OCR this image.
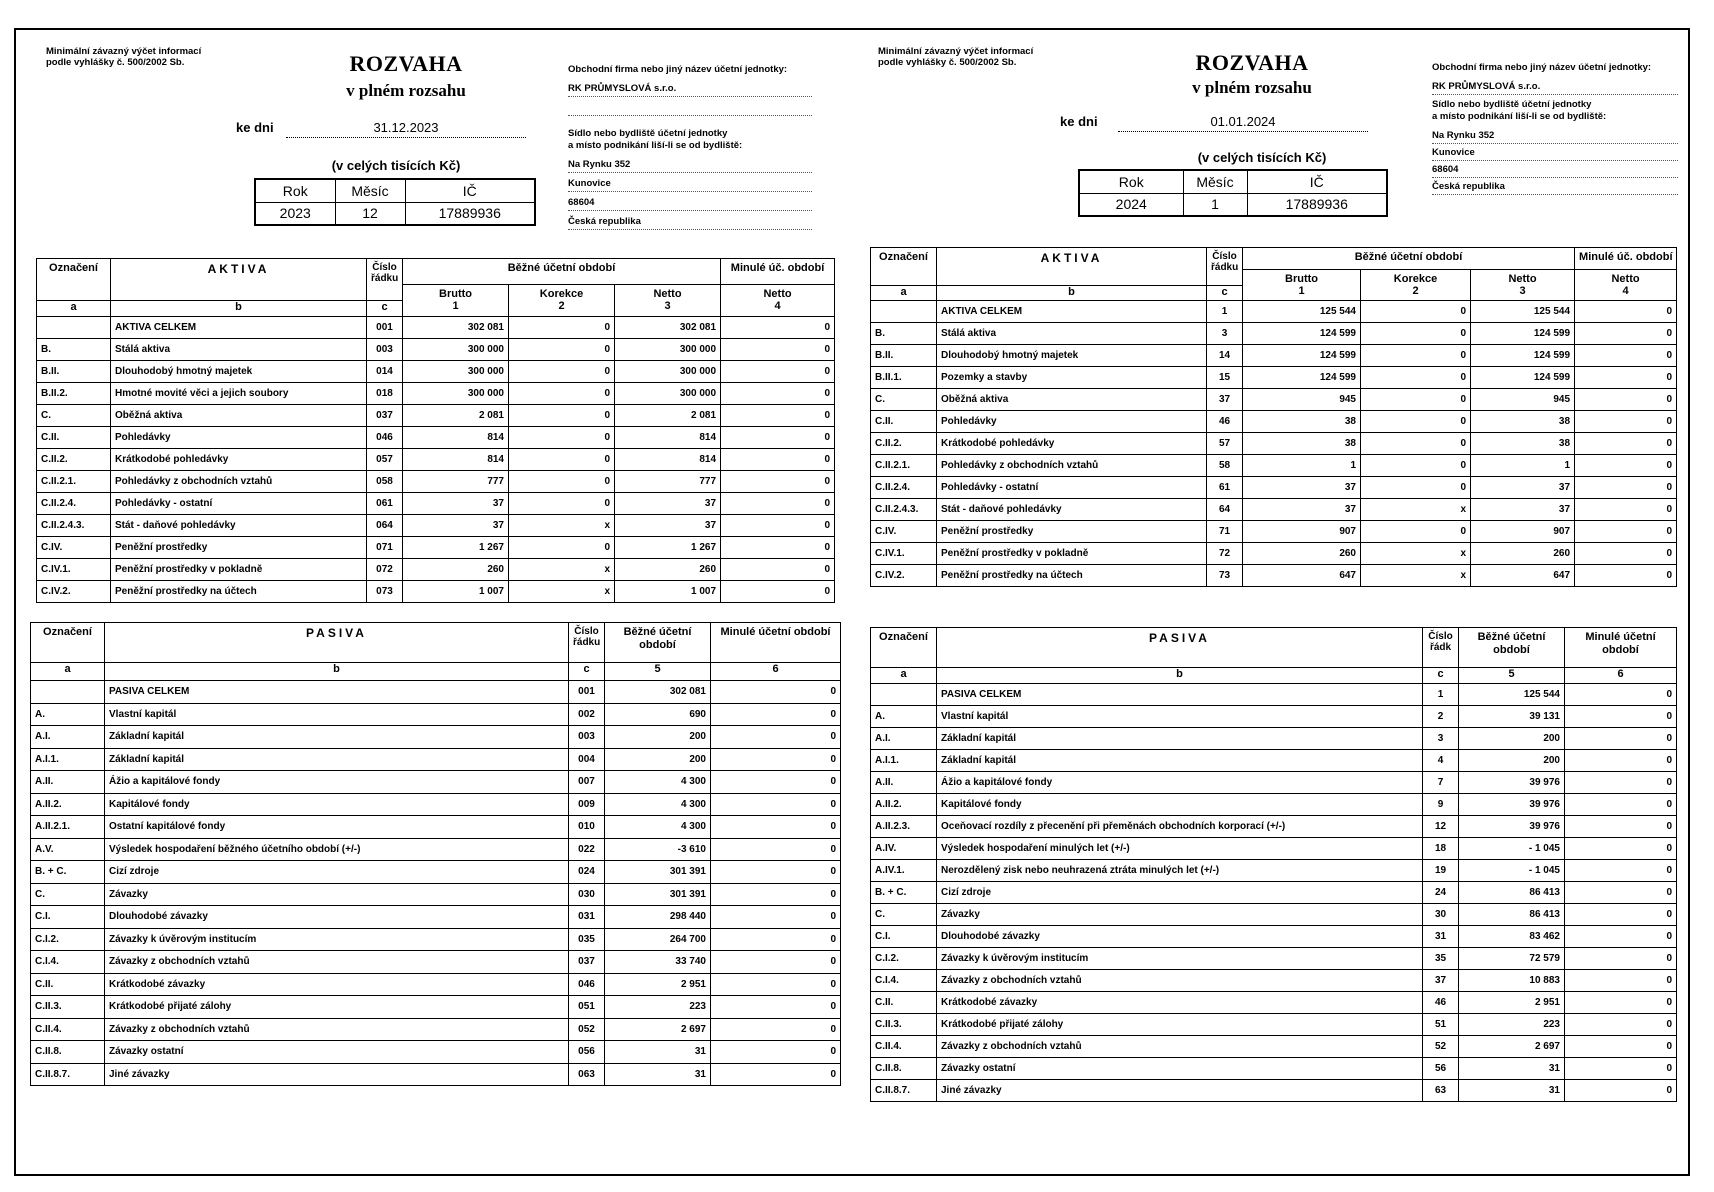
Minimální závazný výčet informací
podle vyhlášky č. 500/2002 Sb.	ROZVAHA
v plném rozsahu
ke dni	31.12.2023
(v celých tisících Kč)
Rok	Měsíc	IČ
2023	12	17889936
Obchodní firma nebo jiný název účetní jednotky:
RK PRŮMYSLOVÁ s.r.o.
Sídlo nebo bydliště účetní jednotky
a místo podnikání liší-li se od bydliště:
Na Rynku 352
Kunovice
68604
Česká republika
Označení	AKTIVA	Číslo řádku	Běžné účetní období			Minulé úč. období
			Brutto	Korekce	Netto	Netto
a	b	c	1	2	3	4
	AKTIVA CELKEM	001	302 081	0	302 081	0
B.	Stálá aktiva	003	300 000	0	300 000	0
B.II.	Dlouhodobý hmotný majetek	014	300 000	0	300 000	0
B.II.2.	Hmotné movité věci a jejich soubory	018	300 000	0	300 000	0
C.	Oběžná aktiva	037	2 081	0	2 081	0
C.II.	Pohledávky	046	814	0	814	0
C.II.2.	Krátkodobé pohledávky	057	814	0	814	0
C.II.2.1.	Pohledávky z obchodních vztahů	058	777	0	777	0
C.II.2.4.	Pohledávky - ostatní	061	37	0	37	0
C.II.2.4.3.	Stát - daňové pohledávky	064	37	x	37	0
C.IV.	Peněžní prostředky	071	1 267	0	1 267	0
C.IV.1.	Peněžní prostředky v pokladně	072	260	x	260	0
C.IV.2.	Peněžní prostředky na účtech	073	1 007	x	1 007	0
Označení	PASIVA	Číslo řádku	Běžné účetní období	Minulé účetní období
a	b	c	5	6
	PASIVA CELKEM	001	302 081	0
A.	Vlastní kapitál	002	690	0
A.I.	Základní kapitál	003	200	0
A.I.1.	Základní kapitál	004	200	0
A.II.	Ážio a kapitálové fondy	007	4 300	0
A.II.2.	Kapitálové fondy	009	4 300	0
A.II.2.1.	Ostatní kapitálové fondy	010	4 300	0
A.V.	Výsledek hospodaření běžného účetního období (+/-)	022	-3 610	0
B. + C.	Cizí zdroje	024	301 391	0
C.	Závazky	030	301 391	0
C.I.	Dlouhodobé závazky	031	298 440	0
C.I.2.	Závazky k úvěrovým institucím	035	264 700	0
C.I.4.	Závazky z obchodních vztahů	037	33 740	0
C.II.	Krátkodobé závazky	046	2 951	0
C.II.3.	Krátkodobé přijaté zálohy	051	223	0
C.II.4.	Závazky z obchodních vztahů	052	2 697	0
C.II.8.	Závazky ostatní	056	31	0
C.II.8.7.	Jiné závazky	063	31	0
Minimální závazný výčet informací
podle vyhlášky č. 500/2002 Sb.	ROZVAHA
v plném rozsahu
ke dni	01.01.2024
(v celých tisících Kč)
Rok	Měsíc	IČ
2024	1	17889936
Obchodní firma nebo jiný název účetní jednotky:
RK PRŮMYSLOVÁ s.r.o.
Sídlo nebo bydliště účetní jednotky
a místo podnikání liší-li se od bydliště:
Na Rynku 352
Kunovice
68604
Česká republika
Označení	AKTIVA	Číslo řádku	Běžné účetní období			Minulé úč. období
			Brutto	Korekce	Netto	Netto
a	b	c	1	2	3	4
	AKTIVA CELKEM	1	125 544	0	125 544	0
B.	Stálá aktiva	3	124 599	0	124 599	0
B.II.	Dlouhodobý hmotný majetek	14	124 599	0	124 599	0
B.II.1.	Pozemky a stavby	15	124 599	0	124 599	0
C.	Oběžná aktiva	37	945	0	945	0
C.II.	Pohledávky	46	38	0	38	0
C.II.2.	Krátkodobé pohledávky	57	38	0	38	0
C.II.2.1.	Pohledávky z obchodních vztahů	58	1	0	1	0
C.II.2.4.	Pohledávky - ostatní	61	37	0	37	0
C.II.2.4.3.	Stát - daňové pohledávky	64	37	x	37	0
C.IV.	Peněžní prostředky	71	907	0	907	0
C.IV.1.	Peněžní prostředky v pokladně	72	260	x	260	0
C.IV.2.	Peněžní prostředky na účtech	73	647	x	647	0
Označení	PASIVA	Číslo řádk	Běžné účetní období	Minulé účetní období
a	b	c	5	6
	PASIVA CELKEM	1	125 544	0
A.	Vlastní kapitál	2	39 131	0
A.I.	Základní kapitál	3	200	0
A.I.1.	Základní kapitál	4	200	0
A.II.	Ážio a kapitálové fondy	7	39 976	0
A.II.2.	Kapitálové fondy	9	39 976	0
A.II.2.3.	Oceňovací rozdíly z přecenění při přeměnách obchodních korporací (+/-)	12	39 976	0
A.IV.	Výsledek hospodaření minulých let (+/-)	18	- 1 045	0
A.IV.1.	Nerozdělený zisk nebo neuhrazená ztráta minulých let (+/-)	19	- 1 045	0
B. + C.	Cizí zdroje	24	86 413	0
C.	Závazky	30	86 413	0
C.I.	Dlouhodobé závazky	31	83 462	0
C.I.2.	Závazky k úvěrovým institucím	35	72 579	0
C.I.4.	Závazky z obchodních vztahů	37	10 883	0
C.II.	Krátkodobé závazky	46	2 951	0
C.II.3.	Krátkodobé přijaté zálohy	51	223	0
C.II.4.	Závazky z obchodních vztahů	52	2 697	0
C.II.8.	Závazky ostatní	56	31	0
C.II.8.7.	Jiné závazky	63	31	0
